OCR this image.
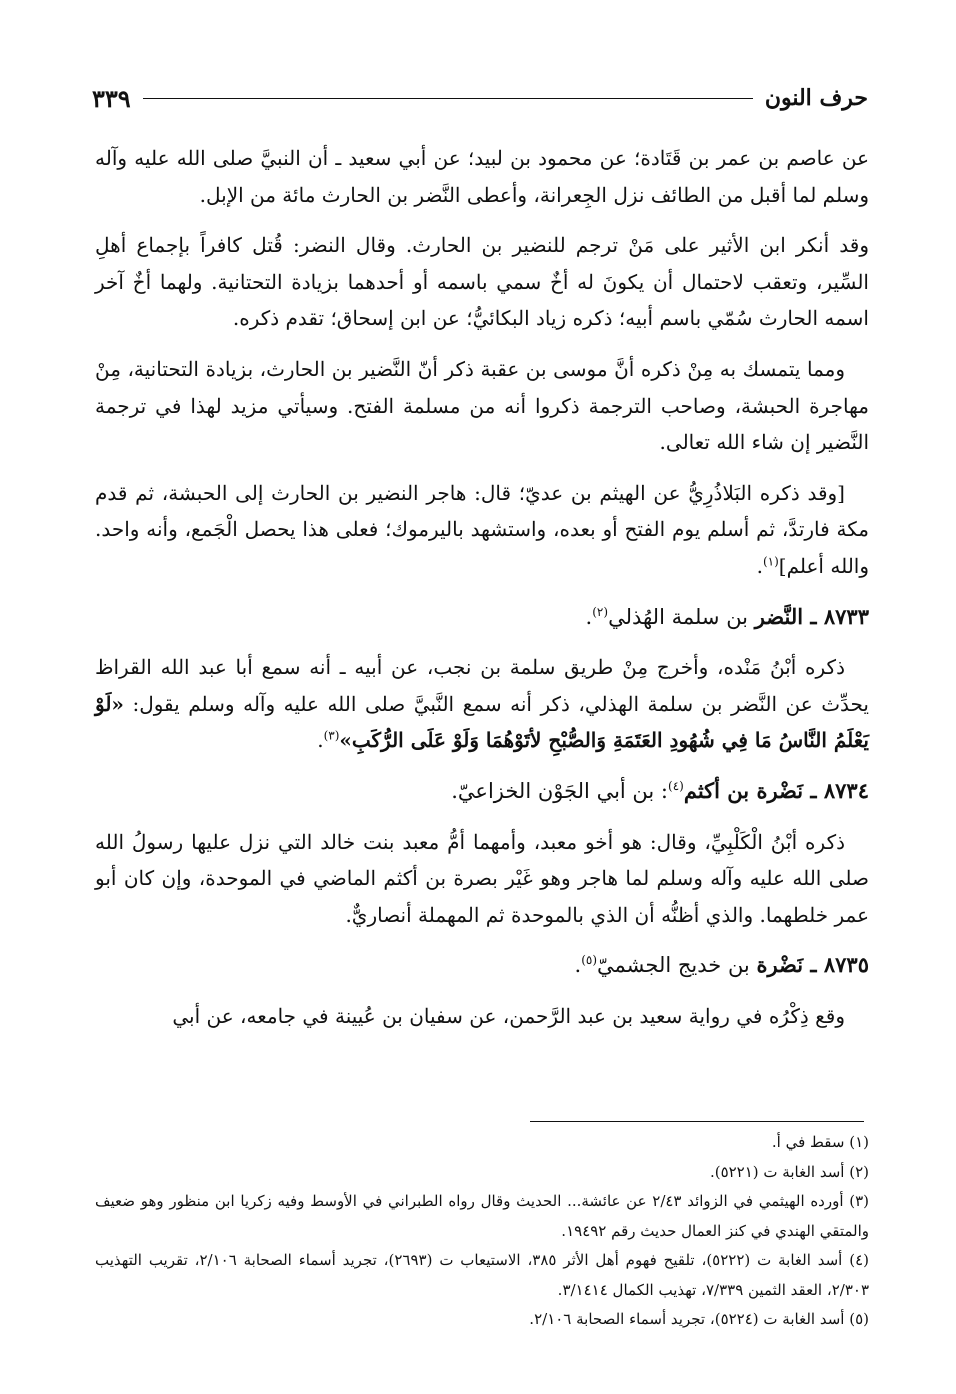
حرف النون
٣٣٩

عن عاصم بن عمر بن قَتَادة؛ عن محمود بن لبيد؛ عن أبي سعيد ـ أن النبيَّ صلى الله عليه وآله وسلم لما أقبل من الطائف نزل الجِعرانة، وأعطى النَّضر بن الحارث مائة من الإبل.

وقد أنكر ابن الأثير على مَنْ ترجم للنضير بن الحارث. وقال النضر: قُتل كافراً بإجماع أهلِ السِّير، وتعقب لاحتمال أن يكونَ له أخٌ سمي باسمه أو أحدهما بزيادة التحتانية. ولهما أخٌ آخر اسمه الحارث سُمّي باسم أبيه؛ ذكره زياد البكائيُّ؛ عن ابن إسحاق؛ تقدم ذكره.

ومما يتمسك به مِنْ ذكره أنَّ موسى بن عقبة ذكر أنّ النَّضير بن الحارث، بزيادة التحتانية، مِنْ مهاجرة الحبشة، وصاحب الترجمة ذكروا أنه من مسلمة الفتح. وسيأتي مزيد لهذا في ترجمة النَّضير إن شاء الله تعالى.

[وقد ذكره البَلاذُرِيُّ عن الهيثم بن عديّ؛ قال: هاجر النضير بن الحارث إلى الحبشة، ثم قدم مكة فارتدَّ، ثم أسلم يوم الفتح أو بعده، واستشهد باليرموك؛ فعلى هذا يحصل الْجَمع، وأنه واحد. والله أعلم]$^{(١)}$.

٨٧٣٣ ـ النَّضر بن سلمة الهُذلي$^{(٢)}$.

ذكره أبْنُ مَنْده، وأخرج مِنْ طريق سلمة بن نجب، عن أبيه ـ أنه سمع أبا عبد الله القراظ يحدِّث عن النَّضر بن سلمة الهذلي، ذكر أنه سمع النَّبيَّ صلى الله عليه وآله وسلم يقول: «لَوْ يَعْلَمُ النَّاسُ مَا فِي شُهُودِ العَتَمَةِ وَالصُّبْحِ لأتَوْهُمَا وَلَوْ عَلَى الرُّكَبِ»$^{(٣)}$.

٨٧٣٤ ـ نَضْرة بن أكثم$^{(٤)}$: بن أبي الجَوْن الخزاعيّ.

ذكره أبْنُ الْكَلْبِيِّ، وقال: هو أخو معبد، وأمهما أمُّ معبد بنت خالد التي نزل عليها رسولُ الله صلى الله عليه وآله وسلم لما هاجر وهو غَيْر بصرة بن أكثم الماضي في الموحدة، وإن كان أبو عمر خلطهما. والذي أظنُّه أن الذي بالموحدة ثم المهملة أنصاريٌّ.

٨٧٣٥ ـ نَضْرة بن خديج الجشميّ$^{(٥)}$.

وقع ذِكْرُه في رواية سعيد بن عبد الرَّحمن، عن سفيان بن عُيينة في جامعه، عن أبي

(١) سقط في أ.

(٢) أسد الغابة ت (٥٢٢١).

(٣) أورده الهيثمي في الزوائد ٢/٤٣ عن عائشة... الحديث وقال رواه الطبراني في الأوسط وفيه زكريا ابن منظور وهو ضعيف والمتقي الهندي في كنز العمال حديث رقم ١٩٤٩٢.

(٤) أسد الغابة ت (٥٢٢٢)، تلقيح فهوم أهل الأثر ٣٨٥، الاستيعاب ت (٢٦٩٣)، تجريد أسماء الصحابة ٢/١٠٦، تقريب التهذيب ٢/٣٠٣، العقد الثمين ٧/٣٣٩، تهذيب الكمال ٣/١٤١٤.

(٥) أسد الغابة ت (٥٢٢٤)، تجريد أسماء الصحابة ٢/١٠٦.
